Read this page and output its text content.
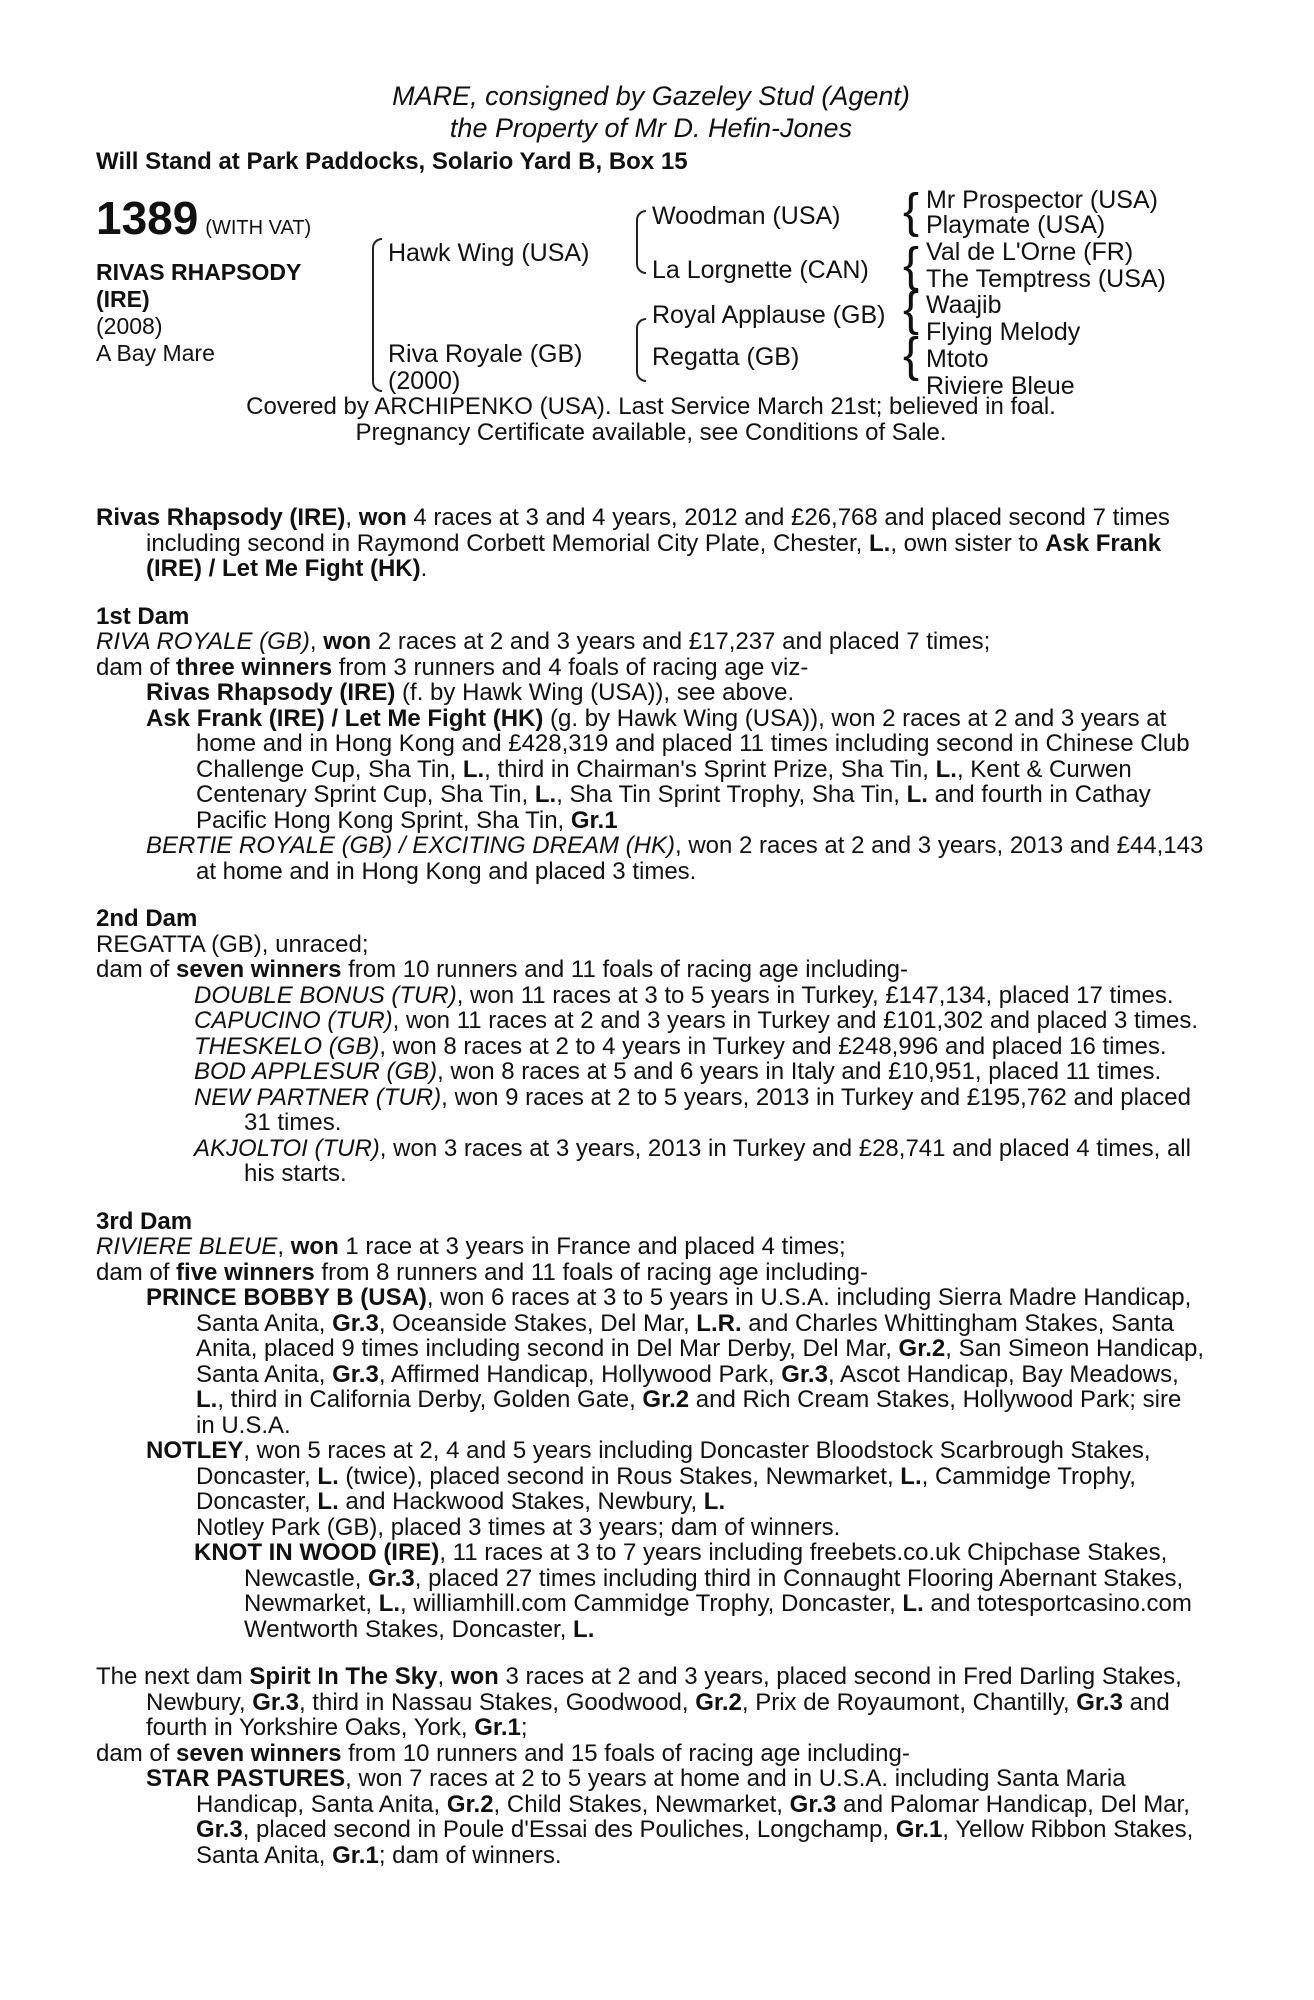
MARE, consigned by Gazeley Stud (Agent)
the Property of Mr D. Hefin-Jones
Will Stand at Park Paddocks, Solario Yard B, Box 15
1389 (WITH VAT)
RIVAS RHAPSODY
(IRE)
(2008)
A Bay Mare
Hawk Wing (USA)
Riva Royale (GB)
(2000)
Woodman (USA)
La Lorgnette (CAN)
Royal Applause (GB)
Regatta (GB)
{
{
{
{
Mr Prospector (USA)
Playmate (USA)
Val de L'Orne (FR)
The Temptress (USA)
Waajib
Flying Melody
Mtoto
Riviere Bleue
Covered by ARCHIPENKO (USA). Last Service March 21st; believed in foal.
Pregnancy Certificate available, see Conditions of Sale.

Rivas Rhapsody (IRE), won 4 races at 3 and 4 years, 2012 and £26,768 and placed second 7 times including second in Raymond Corbett Memorial City Plate, Chester, L., own sister to Ask Frank (IRE) / Let Me Fight (HK).

1st Dam

RIVA ROYALE (GB), won 2 races at 2 and 3 years and £17,237 and placed 7 times;

dam of three winners from 3 runners and 4 foals of racing age viz-

Rivas Rhapsody (IRE) (f. by Hawk Wing (USA)), see above.

Ask Frank (IRE) / Let Me Fight (HK) (g. by Hawk Wing (USA)), won 2 races at 2 and 3 years at home and in Hong Kong and £428,319 and placed 11 times including second in Chinese Club Challenge Cup, Sha Tin, L., third in Chairman's Sprint Prize, Sha Tin, L., Kent & Curwen Centenary Sprint Cup, Sha Tin, L., Sha Tin Sprint Trophy, Sha Tin, L. and fourth in Cathay Pacific Hong Kong Sprint, Sha Tin, Gr.1

BERTIE ROYALE (GB) / EXCITING DREAM (HK), won 2 races at 2 and 3 years, 2013 and £44,143 at home and in Hong Kong and placed 3 times.

2nd Dam

REGATTA (GB), unraced;

dam of seven winners from 10 runners and 11 foals of racing age including-

DOUBLE BONUS (TUR), won 11 races at 3 to 5 years in Turkey, £147,134, placed 17 times.

CAPUCINO (TUR), won 11 races at 2 and 3 years in Turkey and £101,302 and placed 3 times.

THESKELO (GB), won 8 races at 2 to 4 years in Turkey and £248,996 and placed 16 times.

BOD APPLESUR (GB), won 8 races at 5 and 6 years in Italy and £10,951, placed 11 times.

NEW PARTNER (TUR), won 9 races at 2 to 5 years, 2013 in Turkey and £195,762 and placed 31 times.

AKJOLTOI (TUR), won 3 races at 3 years, 2013 in Turkey and £28,741 and placed 4 times, all his starts.

3rd Dam

RIVIERE BLEUE, won 1 race at 3 years in France and placed 4 times;

dam of five winners from 8 runners and 11 foals of racing age including-

PRINCE BOBBY B (USA), won 6 races at 3 to 5 years in U.S.A. including Sierra Madre Handicap, Santa Anita, Gr.3, Oceanside Stakes, Del Mar, L.R. and Charles Whittingham Stakes, Santa Anita, placed 9 times including second in Del Mar Derby, Del Mar, Gr.2, San Simeon Handicap, Santa Anita, Gr.3, Affirmed Handicap, Hollywood Park, Gr.3, Ascot Handicap, Bay Meadows, L., third in California Derby, Golden Gate, Gr.2 and Rich Cream Stakes, Hollywood Park; sire in U.S.A.

NOTLEY, won 5 races at 2, 4 and 5 years including Doncaster Bloodstock Scarbrough Stakes, Doncaster, L. (twice), placed second in Rous Stakes, Newmarket, L., Cammidge Trophy, Doncaster, L. and Hackwood Stakes, Newbury, L.

Notley Park (GB), placed 3 times at 3 years; dam of winners.

KNOT IN WOOD (IRE), 11 races at 3 to 7 years including freebets.co.uk Chipchase Stakes, Newcastle, Gr.3, placed 27 times including third in Connaught Flooring Abernant Stakes, Newmarket, L., williamhill.com Cammidge Trophy, Doncaster, L. and totesportcasino.com Wentworth Stakes, Doncaster, L.

The next dam Spirit In The Sky, won 3 races at 2 and 3 years, placed second in Fred Darling Stakes, Newbury, Gr.3, third in Nassau Stakes, Goodwood, Gr.2, Prix de Royaumont, Chantilly, Gr.3 and fourth in Yorkshire Oaks, York, Gr.1;

dam of seven winners from 10 runners and 15 foals of racing age including-

STAR PASTURES, won 7 races at 2 to 5 years at home and in U.S.A. including Santa Maria Handicap, Santa Anita, Gr.2, Child Stakes, Newmarket, Gr.3 and Palomar Handicap, Del Mar, Gr.3, placed second in Poule d'Essai des Pouliches, Longchamp, Gr.1, Yellow Ribbon Stakes, Santa Anita, Gr.1; dam of winners.
